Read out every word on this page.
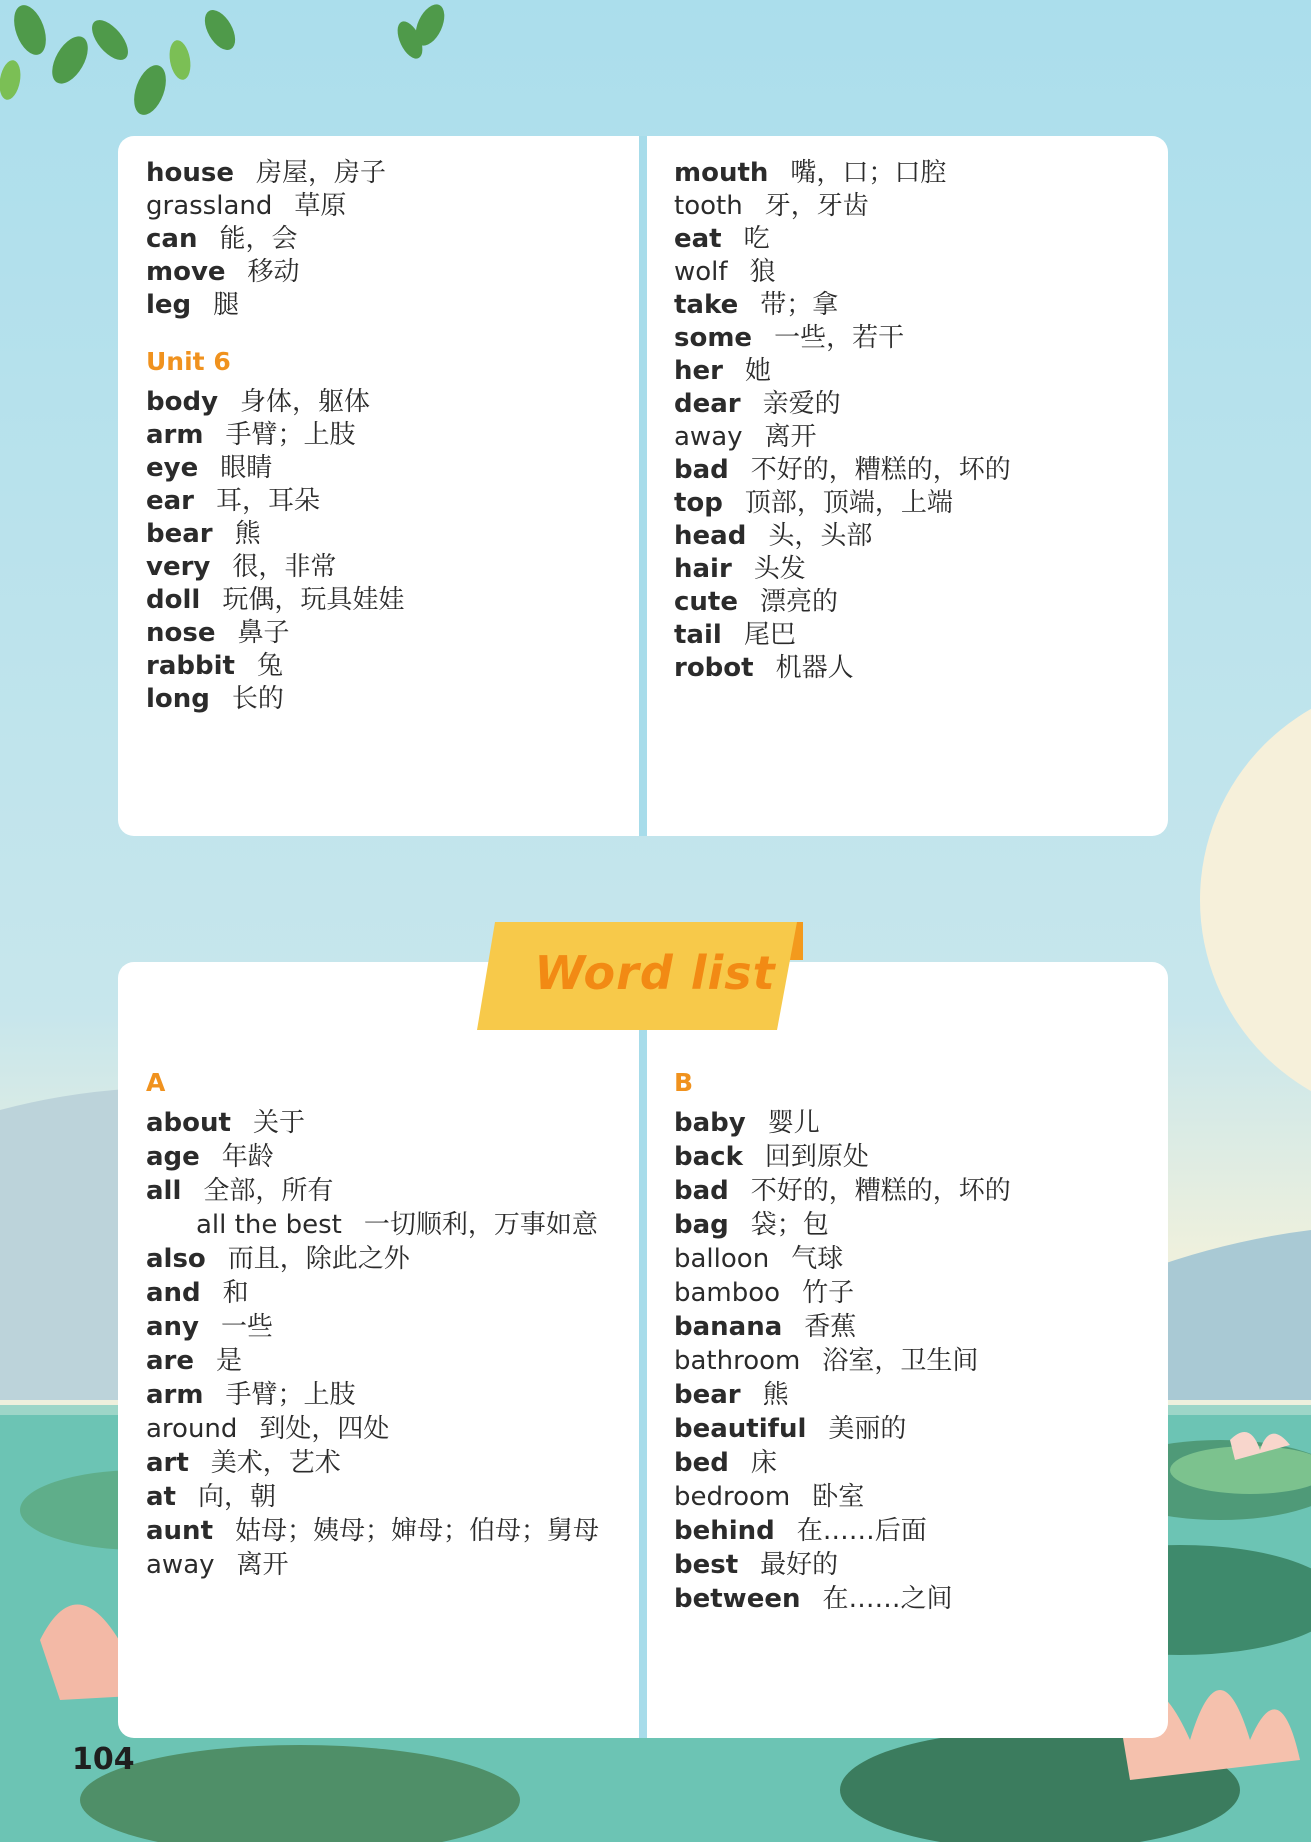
Word list
house 房屋，房子
grassland 草原
can 能，会
move 移动
leg 腿
Unit 6
body 身体，躯体
arm 手臂；上肢
eye 眼睛
ear 耳，耳朵
bear 熊
very 很，非常
doll 玩偶，玩具娃娃
nose 鼻子
rabbit 兔
long 长的
mouth 嘴，口；口腔
tooth 牙，牙齿
eat 吃
wolf 狼
take 带；拿
some 一些，若干
her 她
dear 亲爱的
away 离开
bad 不好的，糟糕的，坏的
top 顶部，顶端，上端
head 头，头部
hair 头发
cute 漂亮的
tail 尾巴
robot 机器人
A
about 关于
age 年龄
all 全部，所有
all the best 一切顺利，万事如意
also 而且，除此之外
and 和
any 一些
are 是
arm 手臂；上肢
around 到处，四处
art 美术，艺术
at 向，朝
aunt 姑母；姨母；婶母；伯母；舅母
away 离开
B
baby 婴儿
back 回到原处
bad 不好的，糟糕的，坏的
bag 袋；包
balloon 气球
bamboo 竹子
banana 香蕉
bathroom 浴室，卫生间
bear 熊
beautiful 美丽的
bed 床
bedroom 卧室
behind 在……后面
best 最好的
between 在……之间
104
